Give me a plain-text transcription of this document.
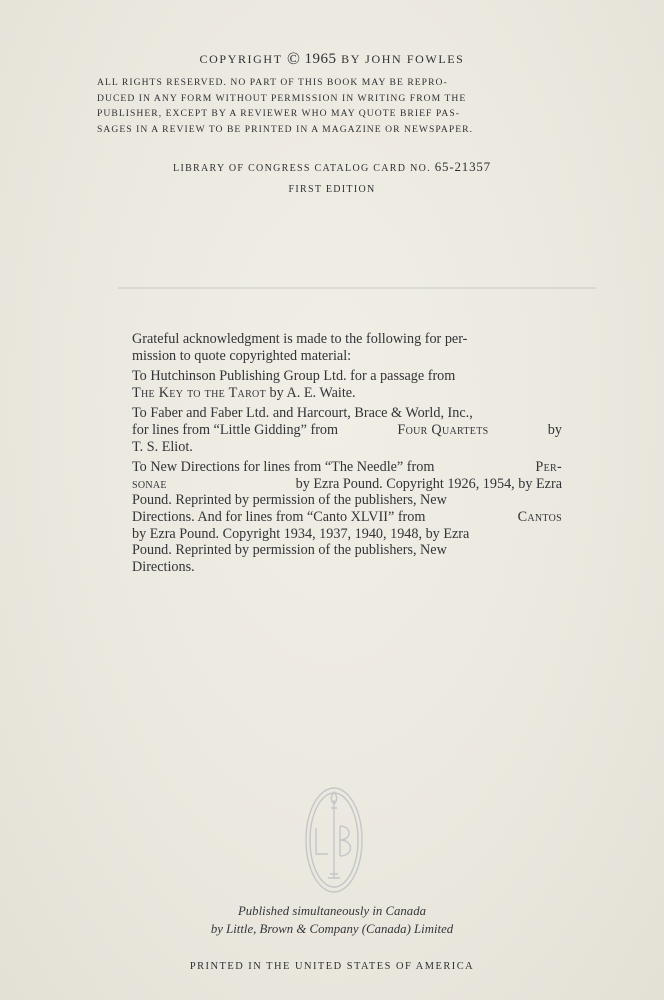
COPYRIGHT © 1965 BY JOHN FOWLES
ALL RIGHTS RESERVED. NO PART OF THIS BOOK MAY BE REPRO-
DUCED IN ANY FORM WITHOUT PERMISSION IN WRITING FROM THE
PUBLISHER, EXCEPT BY A REVIEWER WHO MAY QUOTE BRIEF PAS-
SAGES IN A REVIEW TO BE PRINTED IN A MAGAZINE OR NEWSPAPER.
LIBRARY OF CONGRESS CATALOG CARD NO. 65-21357
FIRST EDITION

Grateful acknowledgment is made to the following for per-
mission to quote copyrighted material:

To Hutchinson Publishing Group Ltd. for a passage from
The Key to the Tarot by A. E. Waite.

To Faber and Faber Ltd. and Harcourt, Brace & World, Inc.,
for lines from “Little Gidding” from	Four Quartets	by
T. S. Eliot.

To New Directions for lines from “The Needle” from	Per-
sonae	by Ezra Pound. Copyright 1926, 1954, by Ezra
Pound. Reprinted by permission of the publishers, New
Directions. And for lines from “Canto XLVII” from	Cantos
by Ezra Pound. Copyright 1934, 1937, 1940, 1948, by Ezra
Pound. Reprinted by permission of the publishers, New
Directions.

Published simultaneously in Canada
by Little, Brown & Company (Canada) Limited
PRINTED IN THE UNITED STATES OF AMERICA
